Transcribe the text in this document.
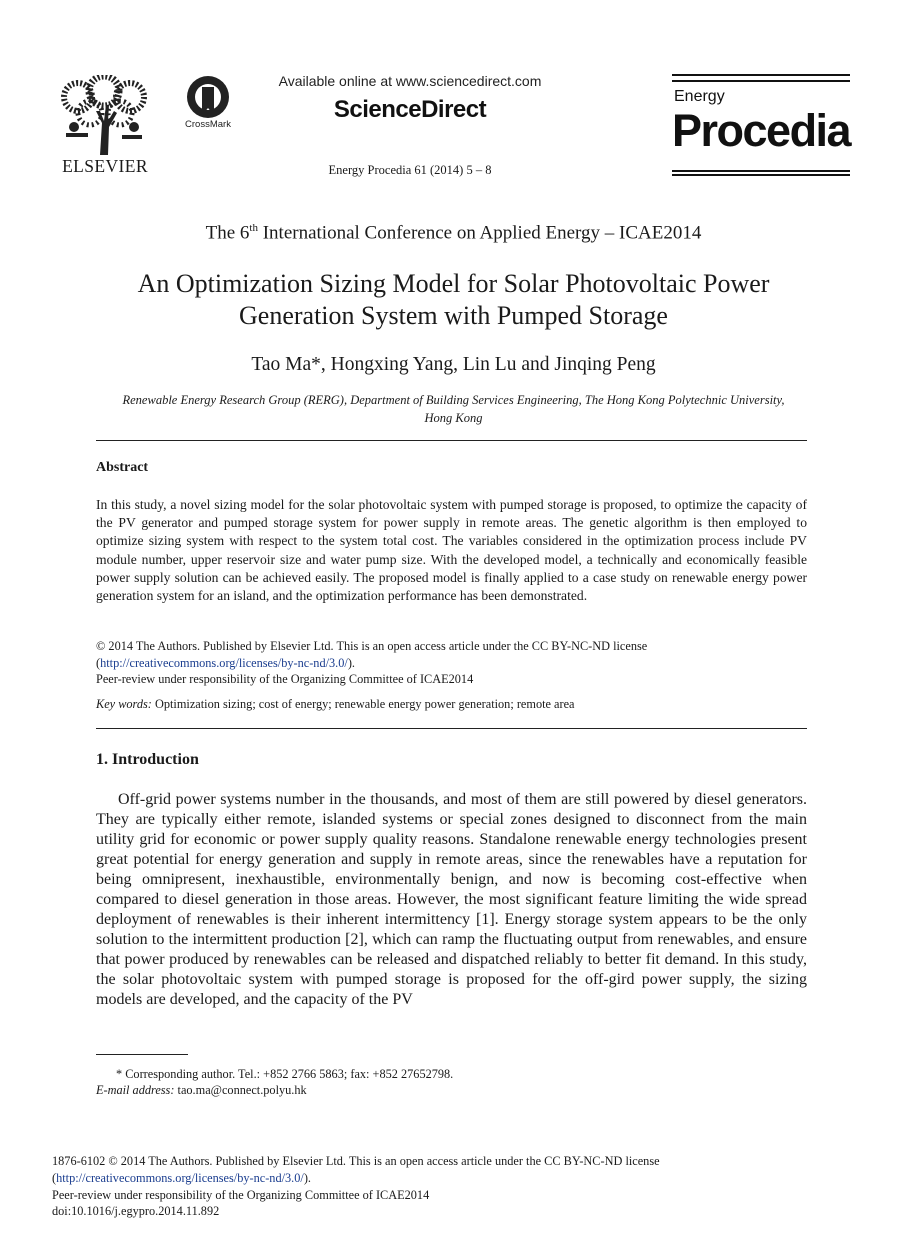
ELSEVIER
CrossMark
Available online at www.sciencedirect.com
ScienceDirect
Energy Procedia 61 (2014) 5 – 8
Energy
Procedia
The 6th International Conference on Applied Energy – ICAE2014
An Optimization Sizing Model for Solar Photovoltaic Power
Generation System with Pumped Storage
Tao Ma*, Hongxing Yang, Lin Lu and Jinqing Peng
Renewable Energy Research Group (RERG), Department of Building Services Engineering, The Hong Kong Polytechnic University,
Hong Kong
Abstract
In this study, a novel sizing model for the solar photovoltaic system with pumped storage is proposed, to optimize the capacity of the PV generator and pumped storage system for power supply in remote areas. The genetic algorithm is then employed to optimize sizing system with respect to the system total cost. The variables considered in the optimization process include PV module number, upper reservoir size and water pump size. With the developed model, a technically and economically feasible power supply solution can be achieved easily. The proposed model is finally applied to a case study on renewable energy power generation system for an island, and the optimization performance has been demonstrated.
© 2014 The Authors. Published by Elsevier Ltd. This is an open access article under the CC BY-NC-ND license
(http://creativecommons.org/licenses/by-nc-nd/3.0/).
Peer-review under responsibility of the Organizing Committee of ICAE2014
Key words: Optimization sizing; cost of energy; renewable energy power generation; remote area
1. Introduction
Off-grid power systems number in the thousands, and most of them are still powered by diesel generators. They are typically either remote, islanded systems or special zones designed to disconnect from the main utility grid for economic or power supply quality reasons. Standalone renewable energy technologies present great potential for energy generation and supply in remote areas, since the renewables have a reputation for being omnipresent, inexhaustible, environmentally benign, and now is becoming cost-effective when compared to diesel generation in those areas. However, the most significant feature limiting the wide spread deployment of renewables is their inherent intermittency [1]. Energy storage system appears to be the only solution to the intermittent production [2], which can ramp the fluctuating output from renewables, and ensure that power produced by renewables can be released and dispatched reliably to better fit demand. In this study, the solar photovoltaic system with pumped storage is proposed for the off-gird power supply, the sizing models are developed, and the capacity of the PV
* Corresponding author. Tel.: +852 2766 5863; fax: +852 27652798.
E-mail address: tao.ma@connect.polyu.hk
1876-6102 © 2014 The Authors. Published by Elsevier Ltd. This is an open access article under the CC BY-NC-ND license
(http://creativecommons.org/licenses/by-nc-nd/3.0/).
Peer-review under responsibility of the Organizing Committee of ICAE2014
doi:10.1016/j.egypro.2014.11.892
